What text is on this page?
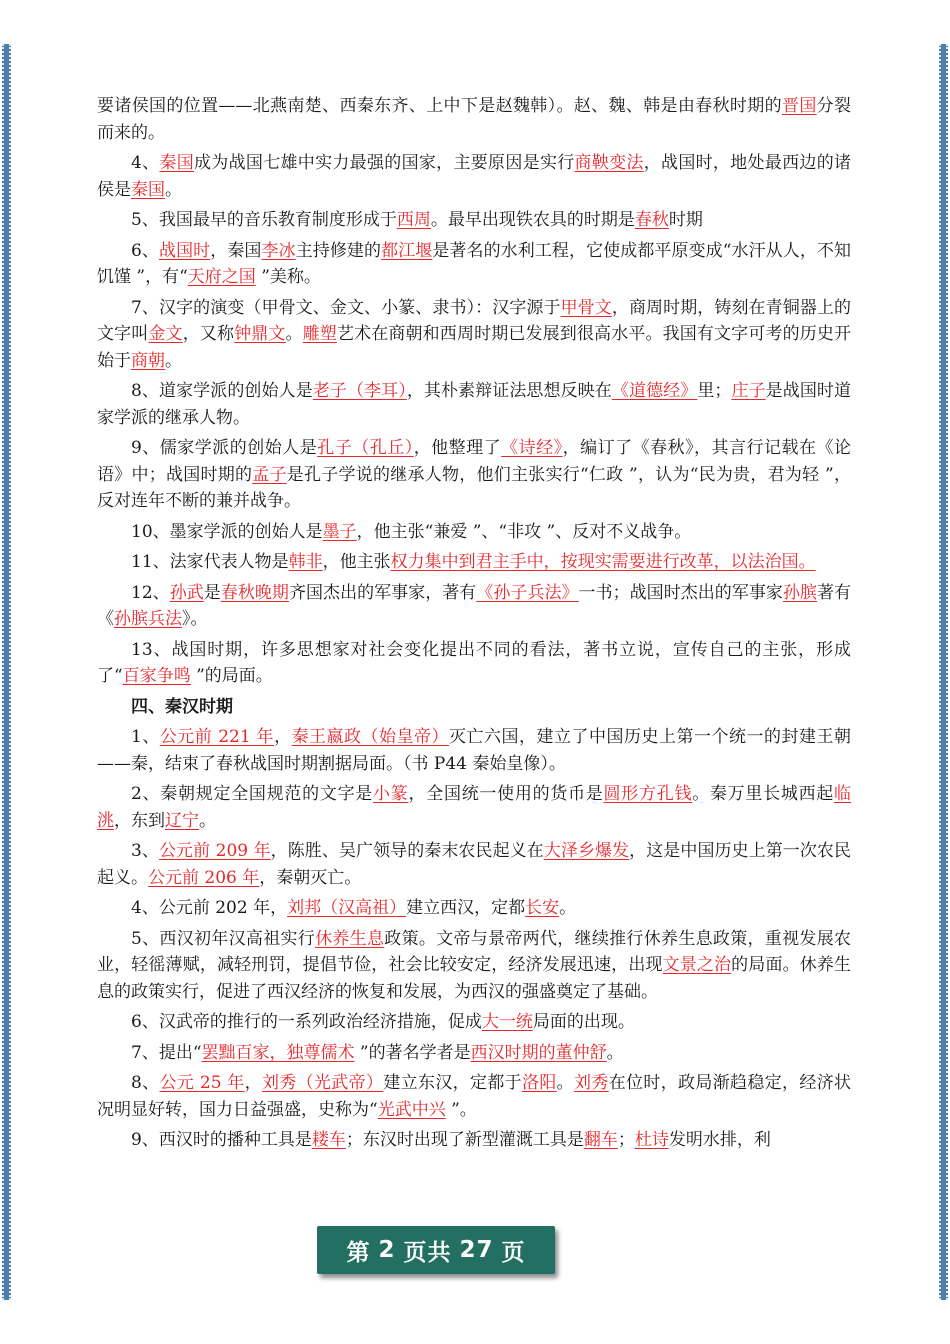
要诸侯国的位置——北燕南楚、西秦东齐、上中下是赵魏韩）。赵、魏、韩是由春秋时期的晋国分裂而来的。

4、秦国成为战国七雄中实力最强的国家，主要原因是实行商鞅变法，战国时，地处最西边的诸侯是秦国。

5、我国最早的音乐教育制度形成于西周。最早出现铁农具的时期是春秋时期

6、战国时，秦国李冰主持修建的都江堰是著名的水利工程，它使成都平原变成“水汗从人，不知饥馑 ”，有“天府之国 ”美称。

7、汉字的演变（甲骨文、金文、小篆、隶书）：汉字源于甲骨文，商周时期，铸刻在青铜器上的文字叫金文，又称钟鼎文。雕塑艺术在商朝和西周时期已发展到很高水平。我国有文字可考的历史开始于商朝。

8、道家学派的创始人是老子（李耳），其朴素辩证法思想反映在《道德经》里；庄子是战国时道家学派的继承人物。

9、儒家学派的创始人是孔子（孔丘），他整理了《诗经》，编订了《春秋》，其言行记载在《论语》中；战国时期的孟子是孔子学说的继承人物，他们主张实行“仁政 ”，认为“民为贵，君为轻 ”，反对连年不断的兼并战争。

10、墨家学派的创始人是墨子，他主张“兼爱 ”、“非攻 ”、反对不义战争。

11、法家代表人物是韩非，他主张权力集中到君主手中，按现实需要进行改革，以法治国。

12、孙武是春秋晚期齐国杰出的军事家，著有《孙子兵法》一书；战国时杰出的军事家孙膑著有《孙膑兵法》。

13、战国时期，许多思想家对社会变化提出不同的看法，著书立说，宣传自己的主张，形成了“百家争鸣 ”的局面。

四、秦汉时期

1、公元前 221 年，秦王嬴政（始皇帝）灭亡六国，建立了中国历史上第一个统一的封建王朝——秦，结束了春秋战国时期割据局面。（书 P44 秦始皇像）。

2、秦朝规定全国规范的文字是小篆，全国统一使用的货币是圆形方孔钱。秦万里长城西起临洮，东到辽宁。

3、公元前 209 年，陈胜、吴广领导的秦末农民起义在大泽乡爆发，这是中国历史上第一次农民起义。公元前 206 年，秦朝灭亡。

4、公元前 202 年，刘邦（汉高祖）建立西汉，定都长安。

5、西汉初年汉高祖实行休养生息政策。文帝与景帝两代，继续推行休养生息政策，重视发展农业，轻徭薄赋，减轻刑罚，提倡节俭，社会比较安定，经济发展迅速，出现文景之治的局面。休养生息的政策实行，促进了西汉经济的恢复和发展，为西汉的强盛奠定了基础。

6、汉武帝的推行的一系列政治经济措施，促成大一统局面的出现。

7、提出“罢黜百家，独尊儒术 ”的著名学者是西汉时期的董仲舒。

8、公元 25 年，刘秀（光武帝）建立东汉，定都于洛阳。刘秀在位时，政局渐趋稳定，经济状况明显好转，国力日益强盛，史称为“光武中兴 ”。

9、西汉时的播种工具是耧车；东汉时出现了新型灌溉工具是翻车；杜诗发明水排，利

第 2 页共 27 页
